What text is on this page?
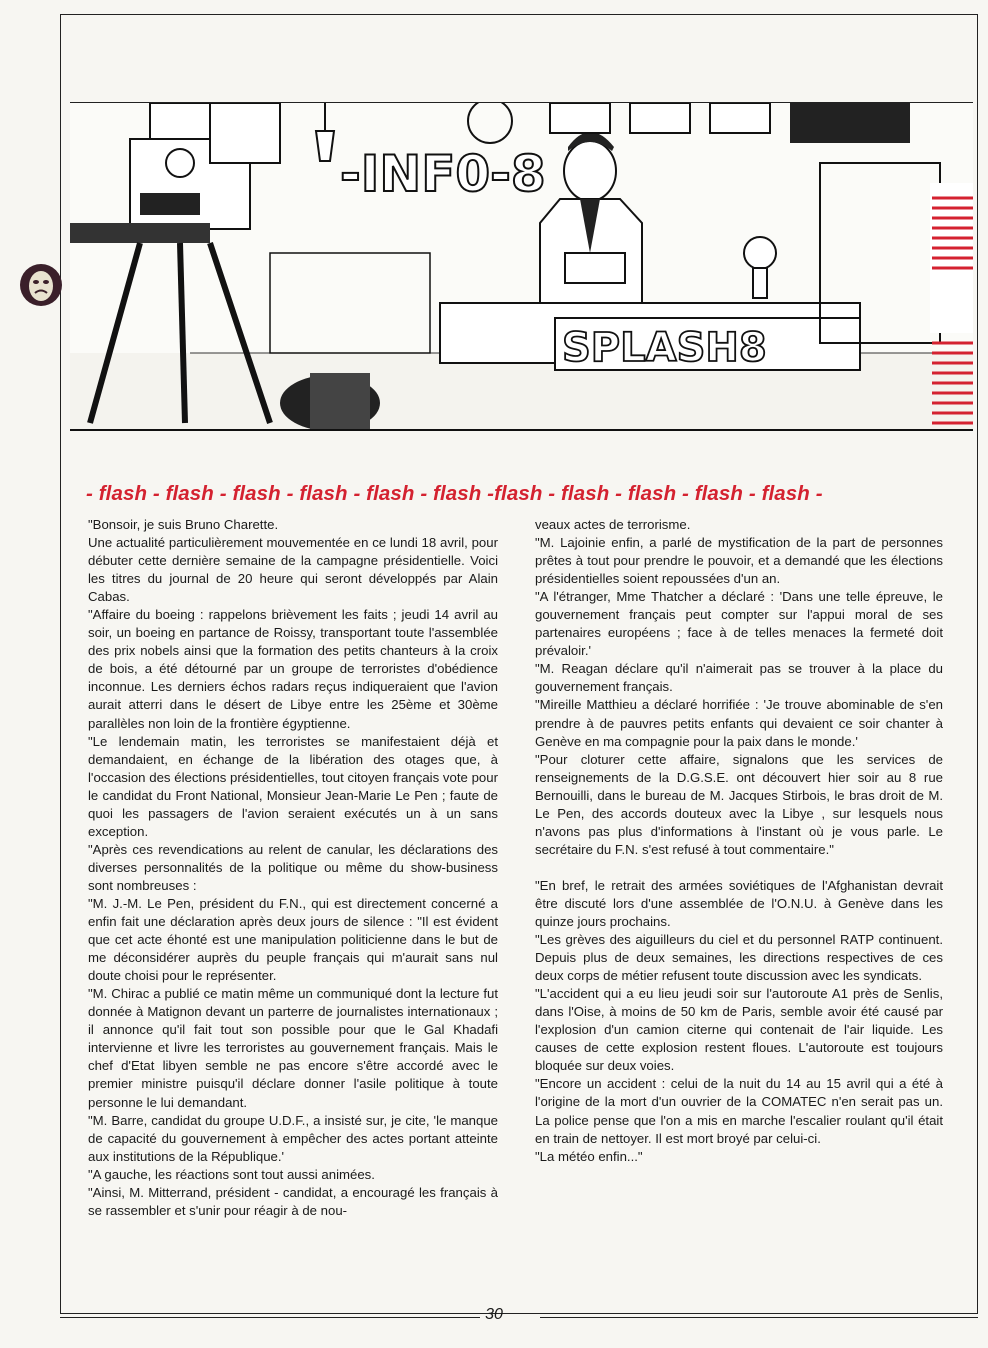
-INF0-8
SPLASH8
- flash - flash - flash - flash - flash - flash -flash - flash - flash - flash - flash -

"Bonsoir, je suis Bruno Charette.

Une actualité particulièrement mouvementée en ce lundi 18 avril, pour débuter cette dernière semaine de la campagne présidentielle. Voici les titres du journal de 20 heure qui seront développés par Alain Cabas.

"Affaire du boeing : rappelons brièvement les faits ; jeudi 14 avril au soir, un boeing en partance de Roissy, transportant toute l'assemblée des prix nobels ainsi que la formation des petits chanteurs à la croix de bois, a été détourné par un groupe de terroristes d'obédience inconnue. Les derniers échos radars reçus indiqueraient que l'avion aurait atterri dans le désert de Libye entre les 25ème et 30ème parallèles non loin de la frontière égyptienne.

"Le lendemain matin, les terroristes se manifestaient déjà et demandaient, en échange de la libération des otages que, à l'occasion des élections présidentielles, tout citoyen français vote pour le candidat du Front National, Monsieur Jean-Marie Le Pen ; faute de quoi les passagers de l'avion seraient exécutés un à un sans exception.

"Après ces revendications au relent de canular, les déclarations des diverses personnalités de la politique ou même du show-business sont nombreuses :

"M. J.-M. Le Pen, président du F.N., qui est directement concerné a enfin fait une déclaration après deux jours de silence : "Il est évident que cet acte éhonté est une manipulation politicienne dans le but de me déconsidérer auprès du peuple français qui m'aurait sans nul doute choisi pour le représenter.

"M. Chirac a publié ce matin même un communiqué dont la lecture fut donnée à Matignon devant un parterre de journalistes internationaux ; il annonce qu'il fait tout son possible pour que le Gal Khadafi intervienne et livre les terroristes au gouvernement français. Mais le chef d'Etat libyen semble ne pas encore s'être accordé avec le premier ministre puisqu'il déclare donner l'asile politique à toute personne le lui demandant.

"M. Barre, candidat du groupe U.D.F., a insisté sur, je cite, 'le manque de capacité du gouvernement à empêcher des actes portant atteinte aux institutions de la République.'

"A gauche, les réactions sont tout aussi animées.

"Ainsi, M. Mitterrand, président - candidat, a encouragé les français à se rassembler et s'unir pour réagir à de nou-

veaux actes de terrorisme.

"M. Lajoinie enfin, a parlé de mystification de la part de personnes prêtes à tout pour prendre le pouvoir, et a demandé que les élections présidentielles soient repoussées d'un an.

"A l'étranger, Mme Thatcher a déclaré : 'Dans une telle épreuve, le gouvernement français peut compter sur l'appui moral de ses partenaires européens ; face à de telles menaces la fermeté doit prévaloir.'

"M. Reagan déclare qu'il n'aimerait pas se trouver à la place du gouvernement français.

"Mireille Matthieu a déclaré horrifiée : 'Je trouve abominable de s'en prendre à de pauvres petits enfants qui devaient ce soir chanter à Genève en ma compagnie pour la paix dans le monde.'

"Pour cloturer cette affaire, signalons que les services de renseignements de la D.G.S.E. ont découvert hier soir au 8 rue Bernouilli, dans le bureau de M. Jacques Stirbois, le bras droit de M. Le Pen, des accords douteux avec la Libye , sur lesquels nous n'avons pas plus d'informations à l'instant où je vous parle. Le secrétaire du F.N. s'est refusé à tout commentaire."

"En bref, le retrait des armées soviétiques de l'Afghanistan devrait être discuté lors d'une assemblée de l'O.N.U. à Genève dans les quinze jours prochains.

"Les grèves des aiguilleurs du ciel et du personnel RATP continuent. Depuis plus de deux semaines, les directions respectives de ces deux corps de métier refusent toute discussion avec les syndicats.

"L'accident qui a eu lieu jeudi soir sur l'autoroute A1 près de Senlis, dans l'Oise, à moins de 50 km de Paris, semble avoir été causé par l'explosion d'un camion citerne qui contenait de l'air liquide. Les causes de cette explosion restent floues. L'autoroute est toujours bloquée sur deux voies.

"Encore un accident : celui de la nuit du 14 au 15 avril qui a été à l'origine de la mort d'un ouvrier de la COMATEC n'en serait pas un. La police pense que l'on a mis en marche l'escalier roulant qu'il était en train de nettoyer. Il est mort broyé par celui-ci.

"La météo enfin..."

30
